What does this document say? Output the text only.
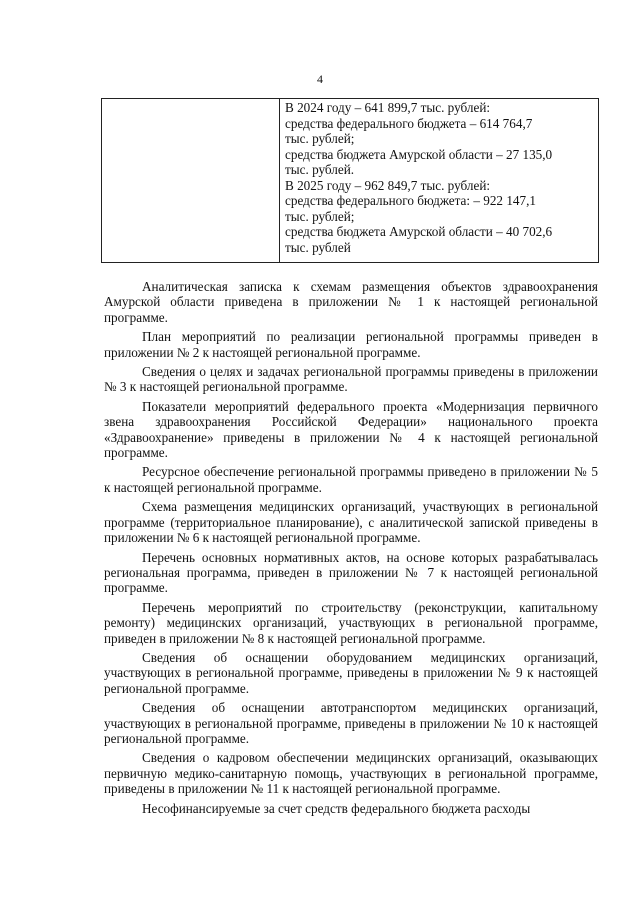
4
В 2024 году – 641 899,7 тыс. рублей:
средства федерального бюджета – 614 764,7
тыс. рублей;
средства бюджета Амурской области – 27 135,0
тыс. рублей.
В 2025 году – 962 849,7 тыс. рублей:
средства федерального бюджета: – 922 147,1
тыс. рублей;
средства бюджета Амурской области – 40 702,6
тыс. рублей

Аналитическая записка к схемам размещения объектов здравоохранения Амурской области приведена в приложении № 1 к настоящей региональной программе.

План мероприятий по реализации региональной программы приведен в приложении № 2 к настоящей региональной программе.

Сведения о целях и задачах региональной программы приведены в приложении № 3 к настоящей региональной программе.

Показатели мероприятий федерального проекта «Модернизация первичного звена здравоохранения Российской Федерации» национального проекта «Здравоохранение» приведены в приложении № 4 к настоящей региональной программе.

Ресурсное обеспечение региональной программы приведено в приложении № 5 к настоящей региональной программе.

Схема размещения медицинских организаций, участвующих в региональной программе (территориальное планирование), с аналитической запиской приведены в приложении № 6 к настоящей региональной программе.

Перечень основных нормативных актов, на основе которых разрабатывалась региональная программа, приведен в приложении № 7 к настоящей региональной программе.

Перечень мероприятий по строительству (реконструкции, капитальному ремонту) медицинских организаций, участвующих в региональной программе, приведен в приложении № 8 к настоящей региональной программе.

Сведения об оснащении оборудованием медицинских организаций, участвующих в региональной программе, приведены в приложении № 9 к настоящей региональной программе.

Сведения об оснащении автотранспортом медицинских организаций, участвующих в региональной программе, приведены в приложении № 10 к настоящей региональной программе.

Сведения о кадровом обеспечении медицинских организаций, оказывающих первичную медико-санитарную помощь, участвующих в региональной программе, приведены в приложении № 11 к настоящей региональной программе.

Несофинансируемые за счет средств федерального бюджета расходы
